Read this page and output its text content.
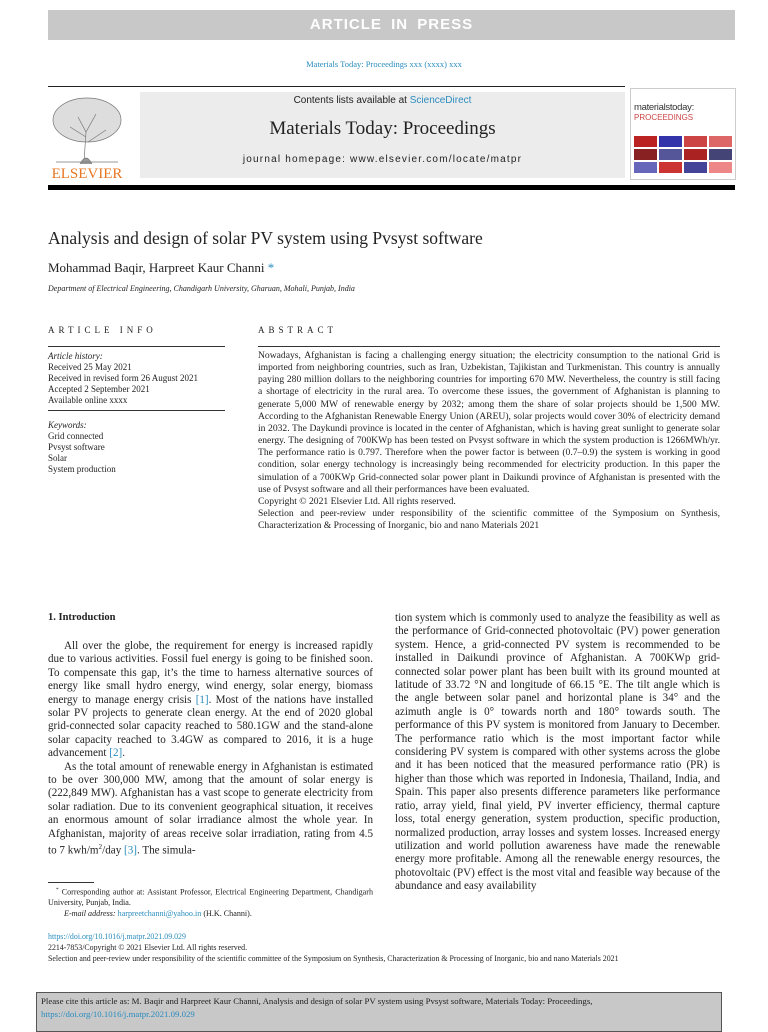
ARTICLE IN PRESS
Materials Today: Proceedings xxx (xxxx) xxx
ELSEVIER
Contents lists available at ScienceDirect
Materials Today: Proceedings
journal homepage: www.elsevier.com/locate/matpr
materialstoday:
PROCEEDINGS
Analysis and design of solar PV system using Pvsyst software
Mohammad Baqir, Harpreet Kaur Channi *
Department of Electrical Engineering, Chandigarh University, Gharuan, Mohali, Punjab, India
ARTICLE INFO	ABSTRACT
Article history:
Received 25 May 2021
Received in revised form 26 August 2021
Accepted 2 September 2021
Available online xxxx
Keywords:
Grid connected
Pvsyst software
Solar
System production
Nowadays, Afghanistan is facing a challenging energy situation; the electricity consumption to the national Grid is imported from neighboring countries, such as Iran, Uzbekistan, Tajikistan and Turkmenistan. This country is annually paying 280 million dollars to the neighboring countries for importing 670 MW. Nevertheless, the country is still facing a shortage of electricity in the rural area. To overcome these issues, the government of Afghanistan is planning to generate 5,000 MW of renewable energy by 2032; among them the share of solar projects should be 1,500 MW. According to the Afghanistan Renewable Energy Union (AREU), solar projects would cover 30% of electricity demand in 2032. The Daykundi province is located in the center of Afghanistan, which is having great sunlight to generate solar energy. The designing of 700KWp has been tested on Pvsyst software in which the system production is 1266MWh/yr. The performance ratio is 0.797. Therefore when the power factor is between (0.7–0.9) the system is working in good condition, solar energy technology is increasingly being recommended for electricity production. In this paper the simulation of a 700KWp Grid-connected solar power plant in Daikundi province of Afghanistan is presented with the use of Pvsyst software and all their performances have been evaluated.
Copyright © 2021 Elsevier Ltd. All rights reserved.
Selection and peer-review under responsibility of the scientific committee of the Symposium on Synthesis, Characterization & Processing of Inorganic, bio and nano Materials 2021
1. Introduction

All over the globe, the requirement for energy is increased rapidly due to various activities. Fossil fuel energy is going to be finished soon. To compensate this gap, it’s the time to harness alternative sources of energy like small hydro energy, wind energy, solar energy, biomass energy to manage energy crisis [1]. Most of the nations have installed solar PV projects to generate clean energy. At the end of 2020 global grid-connected solar capacity reached to 580.1GW and the stand-alone solar capacity reached to 3.4GW as compared to 2016, it is a huge advancement [2].

As the total amount of renewable energy in Afghanistan is estimated to be over 300,000 MW, among that the amount of solar energy is (222,849 MW). Afghanistan has a vast scope to generate electricity from solar radiation. Due to its convenient geographical situation, it receives an enormous amount of solar irradiance almost the whole year. In Afghanistan, majority of areas receive solar irradiation, rating from 4.5 to 7 kwh/$m^2$/day [3]. The simula-

tion system which is commonly used to analyze the feasibility as well as the performance of Grid-connected photovoltaic (PV) power generation system. Hence, a grid-connected PV system is recommended to be installed in Daikundi province of Afghanistan. A 700KWp grid-connected solar power plant has been built with its ground mounted at latitude of 33.72 °N and longitude of 66.15 °E. The tilt angle which is the angle between solar panel and horizontal plane is 34° and the azimuth angle is 0° towards north and 180° towards south. The performance of this PV system is monitored from January to December. The performance ratio which is the most important factor while considering PV system is compared with other systems across the globe and it has been noticed that the measured performance ratio (PR) is higher than those which was reported in Indonesia, Thailand, India, and Spain. This paper also presents difference parameters like performance ratio, array yield, final yield, PV inverter efficiency, thermal capture loss, total energy generation, system production, specific production, normalized production, array losses and system losses. Increased energy utilization and world pollution awareness have made the renewable energy more profitable. Among all the renewable energy resources, the photovoltaic (PV) effect is the most vital and feasible way because of the abundance and easy availability

* Corresponding author at: Assistant Professor, Electrical Engineering Department, Chandigarh University, Punjab, India.
E-mail address: harpreetchanni@yahoo.in (H.K. Channi).
https://doi.org/10.1016/j.matpr.2021.09.029
2214-7853/Copyright © 2021 Elsevier Ltd. All rights reserved.
Selection and peer-review under responsibility of the scientific committee of the Symposium on Synthesis, Characterization & Processing of Inorganic, bio and nano Materials 2021
Please cite this article as: M. Baqir and Harpreet Kaur Channi, Analysis and design of solar PV system using Pvsyst software, Materials Today: Proceedings,
https://doi.org/10.1016/j.matpr.2021.09.029
